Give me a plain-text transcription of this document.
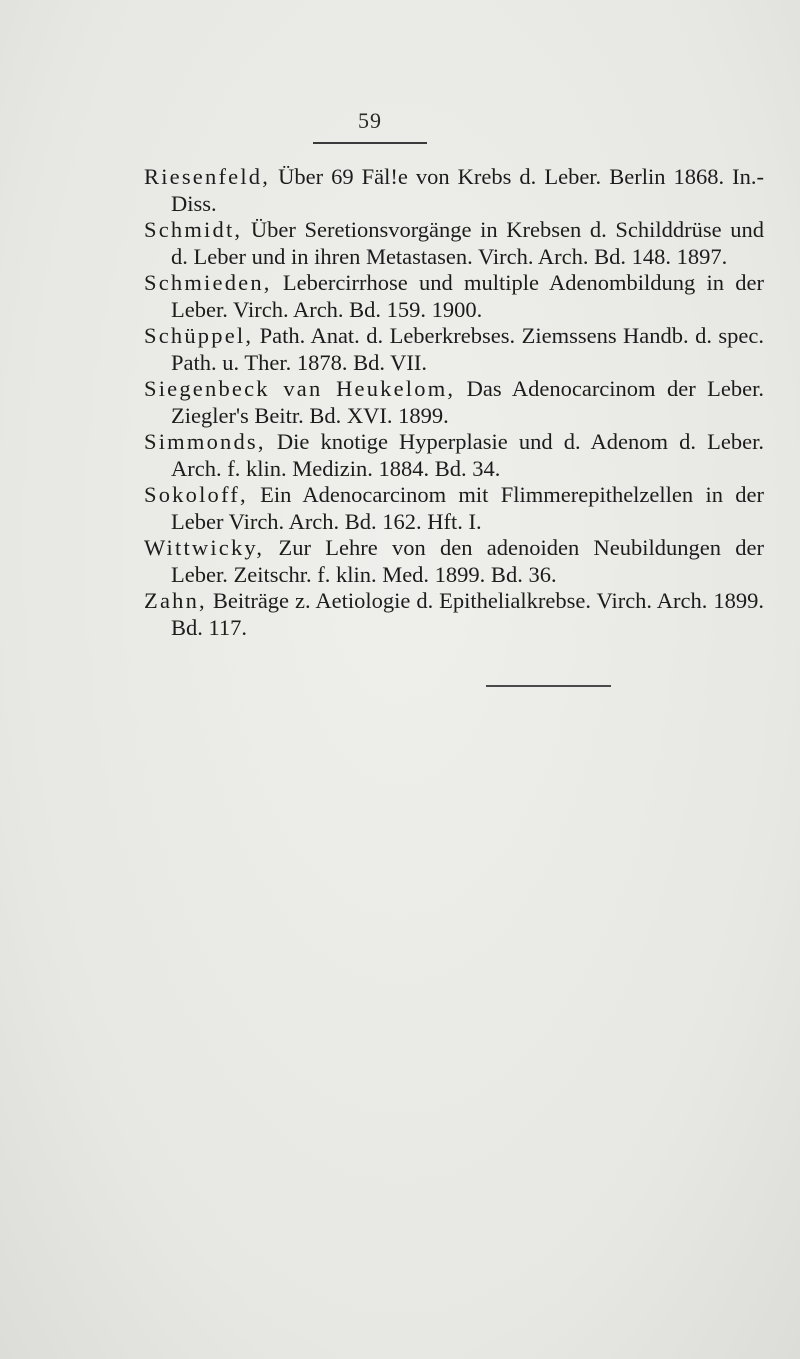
59
Riesenfeld, Über 69 Fäl!e von Krebs d. Leber. Berlin 1868. In.-Diss.
Schmidt, Über Seretionsvorgänge in Krebsen d. Schilddrüse und d. Leber und in ihren Metastasen. Virch. Arch. Bd. 148. 1897.
Schmieden, Lebercirrhose und multiple Adenombildung in der Leber. Virch. Arch. Bd. 159. 1900.
Schüppel, Path. Anat. d. Leberkrebses. Ziemssens Handb. d. spec. Path. u. Ther. 1878. Bd. VII.
Siegenbeck van Heukelom, Das Adenocarcinom der Leber. Ziegler's Beitr. Bd. XVI. 1899.
Simmonds, Die knotige Hyperplasie und d. Adenom d. Leber. Arch. f. klin. Medizin. 1884. Bd. 34.
Sokoloff, Ein Adenocarcinom mit Flimmerepithelzellen in der Leber Virch. Arch. Bd. 162. Hft. I.
Wittwicky, Zur Lehre von den adenoiden Neubildungen der Leber. Zeitschr. f. klin. Med. 1899. Bd. 36.
Zahn, Beiträge z. Aetiologie d. Epithelialkrebse. Virch. Arch. 1899. Bd. 117.
